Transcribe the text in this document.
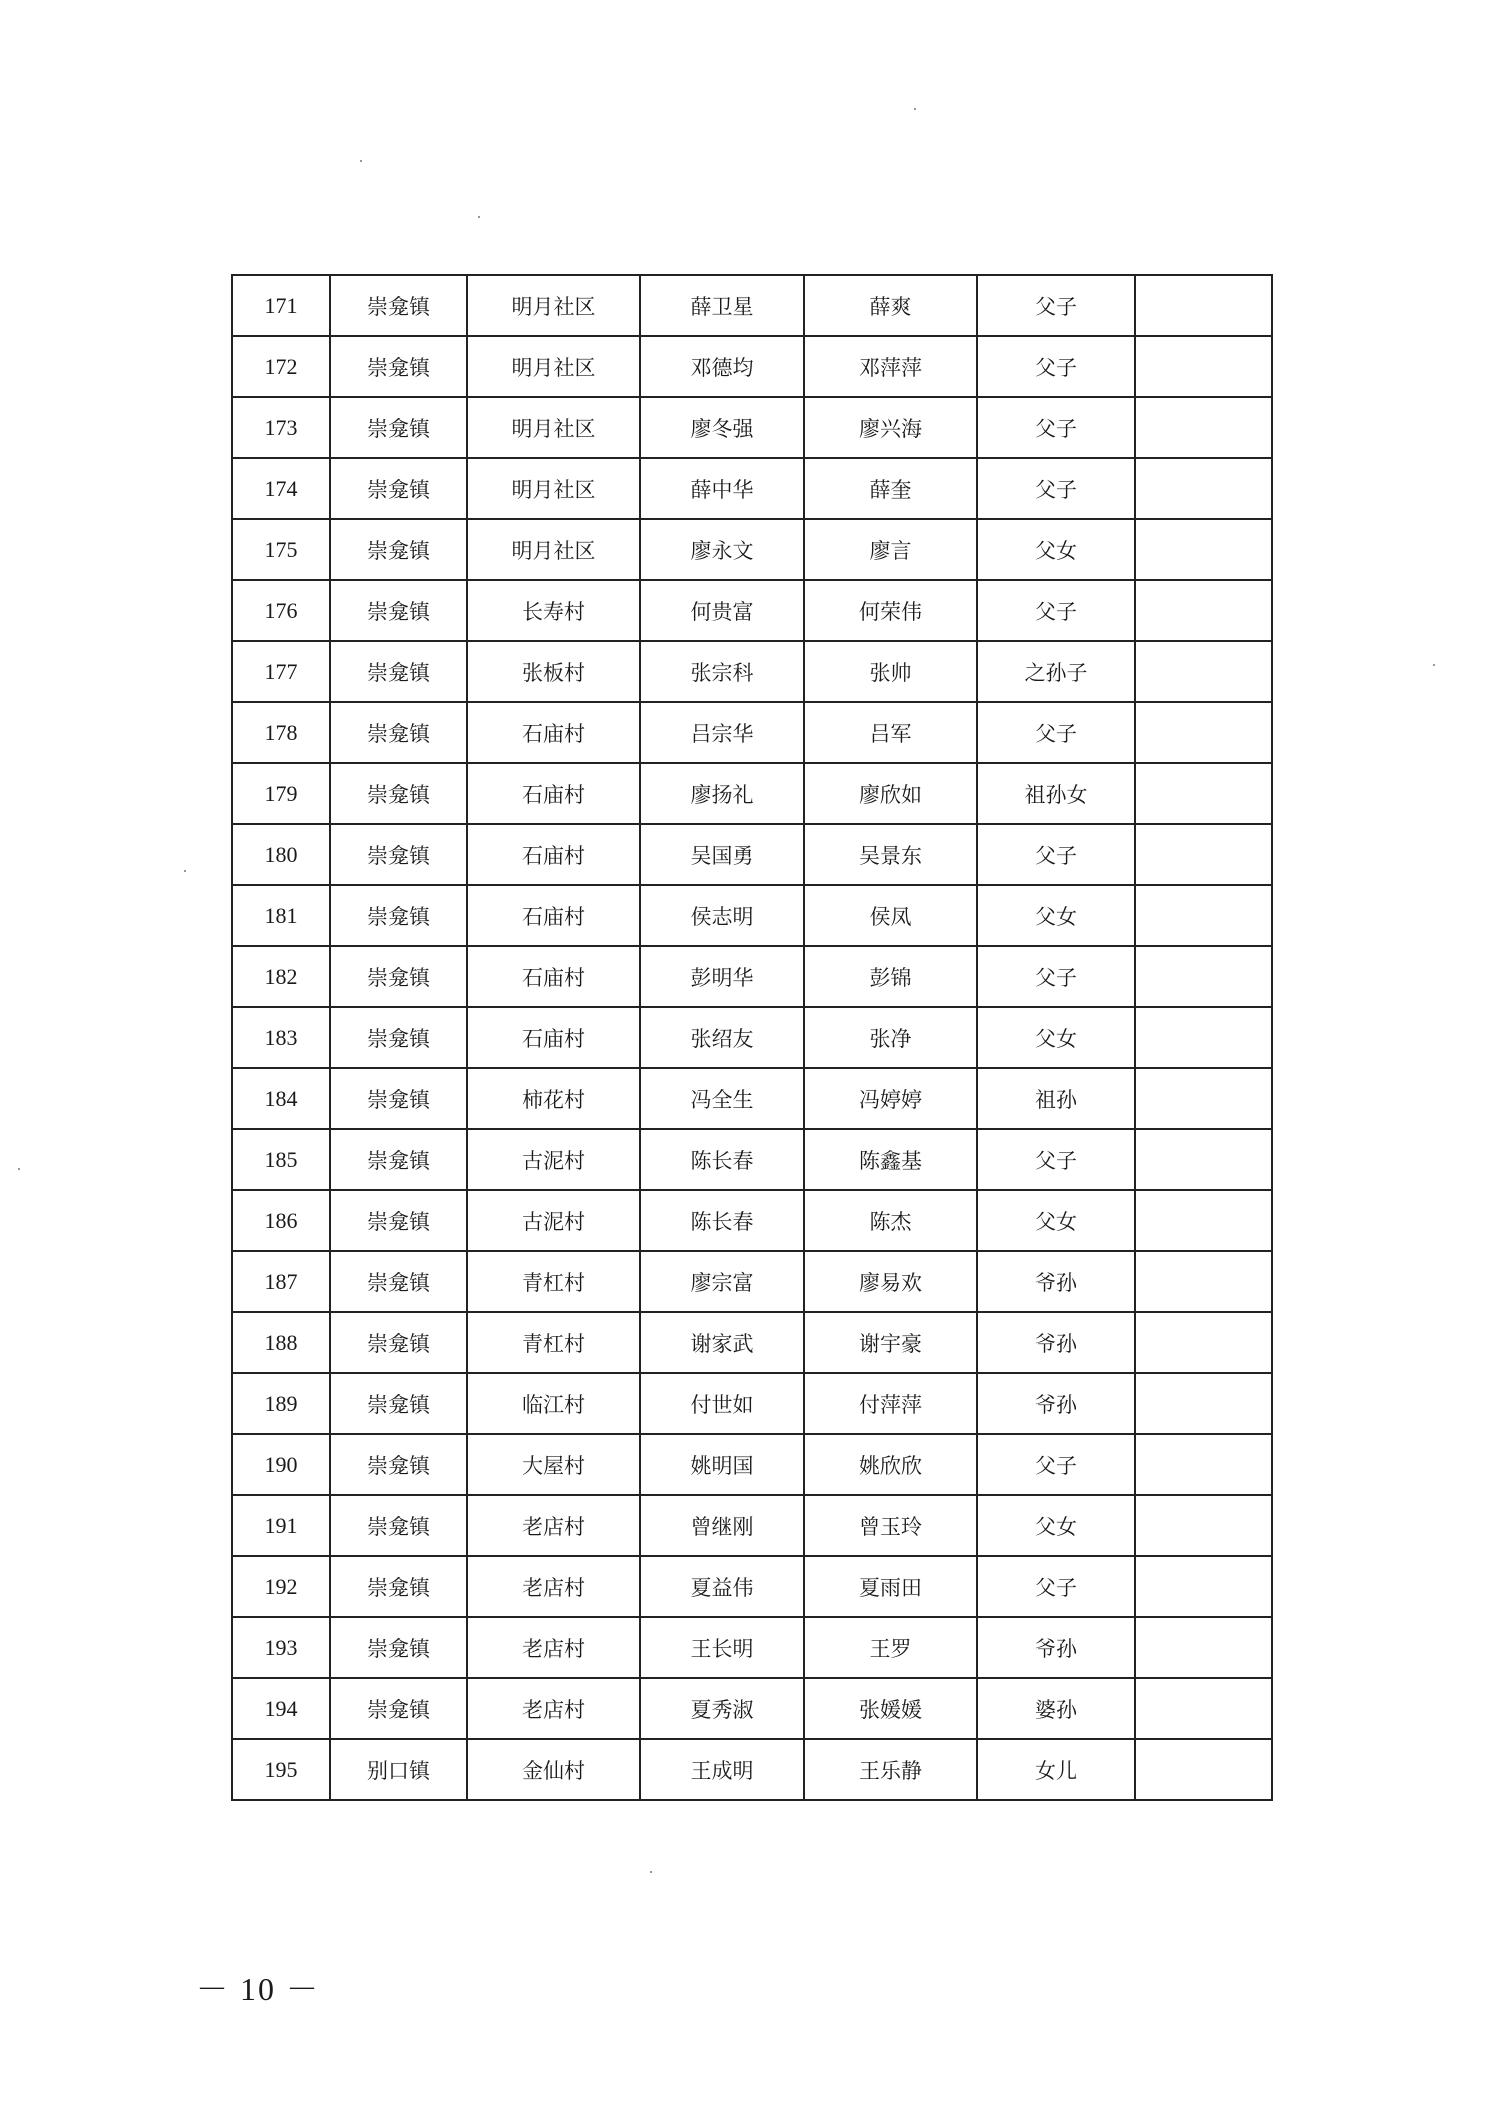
171	崇龛镇	明月社区	薛卫星	薛爽	父子	
172	崇龛镇	明月社区	邓德均	邓萍萍	父子	
173	崇龛镇	明月社区	廖冬强	廖兴海	父子	
174	崇龛镇	明月社区	薛中华	薛奎	父子	
175	崇龛镇	明月社区	廖永文	廖言	父女	
176	崇龛镇	长寿村	何贵富	何荣伟	父子	
177	崇龛镇	张板村	张宗科	张帅	之孙子	
178	崇龛镇	石庙村	吕宗华	吕军	父子	
179	崇龛镇	石庙村	廖扬礼	廖欣如	祖孙女	
180	崇龛镇	石庙村	吴国勇	吴景东	父子	
181	崇龛镇	石庙村	侯志明	侯凤	父女	
182	崇龛镇	石庙村	彭明华	彭锦	父子	
183	崇龛镇	石庙村	张绍友	张净	父女	
184	崇龛镇	柿花村	冯全生	冯婷婷	祖孙	
185	崇龛镇	古泥村	陈长春	陈鑫基	父子	
186	崇龛镇	古泥村	陈长春	陈杰	父女	
187	崇龛镇	青杠村	廖宗富	廖易欢	爷孙	
188	崇龛镇	青杠村	谢家武	谢宇豪	爷孙	
189	崇龛镇	临江村	付世如	付萍萍	爷孙	
190	崇龛镇	大屋村	姚明国	姚欣欣	父子	
191	崇龛镇	老店村	曾继刚	曾玉玲	父女	
192	崇龛镇	老店村	夏益伟	夏雨田	父子	
193	崇龛镇	老店村	王长明	王罗	爷孙	
194	崇龛镇	老店村	夏秀淑	张媛媛	婆孙	
195	别口镇	金仙村	王成明	王乐静	女儿	
－ 10 －
